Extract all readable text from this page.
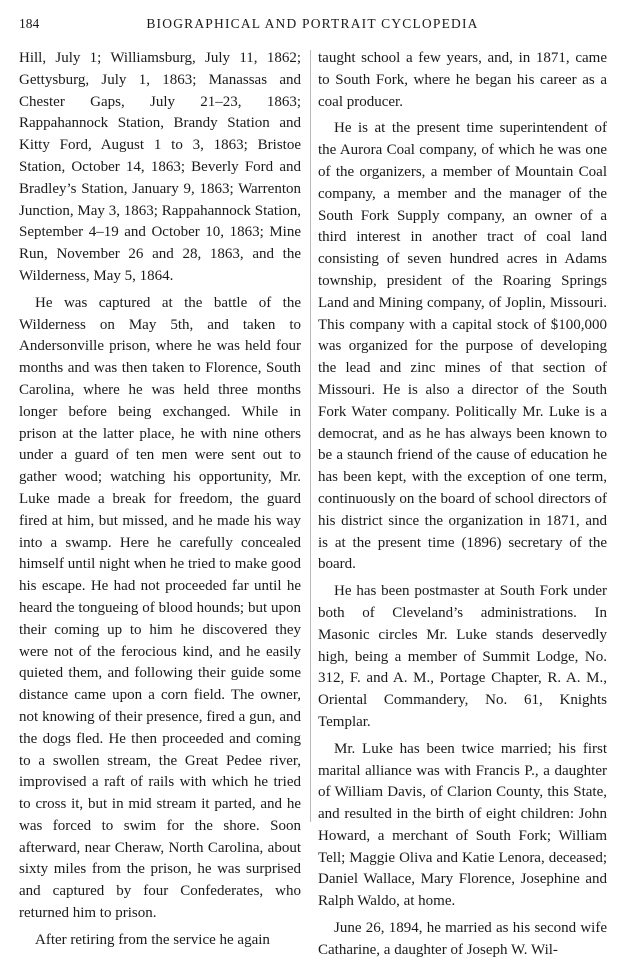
184	BIOGRAPHICAL AND PORTRAIT CYCLOPEDIA

Hill, July 1; Williamsburg, July 11, 1862; Gettysburg, July 1, 1863; Manassas and Chester Gaps, July 21–23, 1863; Rappahannock Station, Brandy Station and Kitty Ford, August 1 to 3, 1863; Bristoe Station, October 14, 1863; Beverly Ford and Bradley’s Station, January 9, 1863; Warrenton Junction, May 3, 1863; Rappahannock Station, September 4–19 and October 10, 1863; Mine Run, November 26 and 28, 1863, and the Wilderness, May 5, 1864.

He was captured at the battle of the Wilderness on May 5th, and taken to Andersonville prison, where he was held four months and was then taken to Florence, South Carolina, where he was held three months longer before being exchanged. While in prison at the latter place, he with nine others under a guard of ten men were sent out to gather wood; watching his opportunity, Mr. Luke made a break for freedom, the guard fired at him, but missed, and he made his way into a swamp. Here he carefully concealed himself until night when he tried to make good his escape. He had not proceeded far until he heard the tongueing of blood hounds; but upon their coming up to him he discovered they were not of the ferocious kind, and he easily quieted them, and following their guide some distance came upon a corn field. The owner, not knowing of their presence, fired a gun, and the dogs fled. He then proceeded and coming to a swollen stream, the Great Pedee river, improvised a raft of rails with which he tried to cross it, but in mid stream it parted, and he was forced to swim for the shore. Soon afterward, near Cheraw, North Carolina, about sixty miles from the prison, he was surprised and captured by four Confederates, who returned him to prison.

After retiring from the service he again

taught school a few years, and, in 1871, came to South Fork, where he began his career as a coal producer.

He is at the present time superintendent of the Aurora Coal company, of which he was one of the organizers, a member of Mountain Coal company, a member and the manager of the South Fork Supply company, an owner of a third interest in another tract of coal land consisting of seven hundred acres in Adams township, president of the Roaring Springs Land and Mining company, of Joplin, Missouri. This company with a capital stock of $100,000 was organized for the purpose of developing the lead and zinc mines of that section of Missouri. He is also a director of the South Fork Water company. Politically Mr. Luke is a democrat, and as he has always been known to be a staunch friend of the cause of education he has been kept, with the exception of one term, continuously on the board of school directors of his district since the organization in 1871, and is at the present time (1896) secretary of the board.

He has been postmaster at South Fork under both of Cleveland’s administrations. In Masonic circles Mr. Luke stands deservedly high, being a member of Summit Lodge, No. 312, F. and A. M., Portage Chapter, R. A. M., Oriental Commandery, No. 61, Knights Templar.

Mr. Luke has been twice married; his first marital alliance was with Francis P., a daughter of William Davis, of Clarion County, this State, and resulted in the birth of eight children: John Howard, a merchant of South Fork; William Tell; Maggie Oliva and Katie Lenora, deceased; Daniel Wallace, Mary Florence, Josephine and Ralph Waldo, at home.

June 26, 1894, he married as his second wife Catharine, a daughter of Joseph W. Wil-
